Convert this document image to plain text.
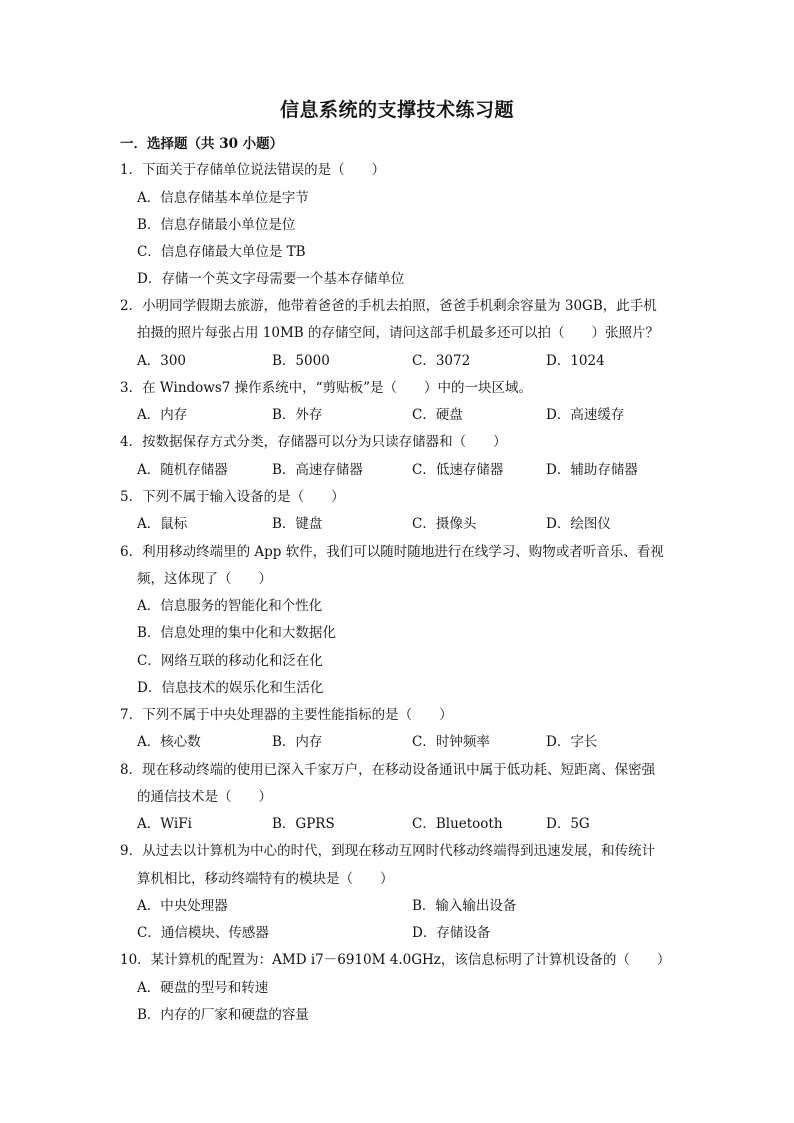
信息系统的支撑技术练习题
一．选择题（共 30 小题）
1．下面关于存储单位说法错误的是（　　）
A．信息存储基本单位是字节
B．信息存储最小单位是位
C．信息存储最大单位是 TB
D．存储一个英文字母需要一个基本存储单位
2．小明同学假期去旅游，他带着爸爸的手机去拍照，爸爸手机剩余容量为 30GB，此手机
拍摄的照片每张占用 10MB 的存储空间，请问这部手机最多还可以拍（　　）张照片？
A．300	B．5000	C．3072	D．1024
3．在 Windows7 操作系统中，“剪贴板”是（　　）中的一块区域。
A．内存	B．外存	C．硬盘	D．高速缓存
4．按数据保存方式分类，存储器可以分为只读存储器和（　　）
A．随机存储器	B．高速存储器	C．低速存储器	D．辅助存储器
5．下列不属于输入设备的是（　　）
A．鼠标	B．键盘	C．摄像头	D．绘图仪
6．利用移动终端里的 App 软件，我们可以随时随地进行在线学习、购物或者听音乐、看视
频，这体现了（　　）
A．信息服务的智能化和个性化
B．信息处理的集中化和大数据化
C．网络互联的移动化和泛在化
D．信息技术的娱乐化和生活化
7．下列不属于中央处理器的主要性能指标的是（　　）
A．核心数	B．内存	C．时钟频率	D．字长
8．现在移动终端的使用已深入千家万户，在移动设备通讯中属于低功耗、短距离、保密强
的通信技术是（　　）
A．WiFi	B．GPRS	C．Bluetooth	D．5G
9．从过去以计算机为中心的时代，到现在移动互网时代移动终端得到迅速发展，和传统计
算机相比，移动终端特有的模块是（　　）
A．中央处理器	B．输入输出设备
C．通信模块、传感器	D．存储设备
10．某计算机的配置为：AMD i7－6910M 4.0GHz，该信息标明了计算机设备的（　　）
A．硬盘的型号和转速
B．内存的厂家和硬盘的容量
